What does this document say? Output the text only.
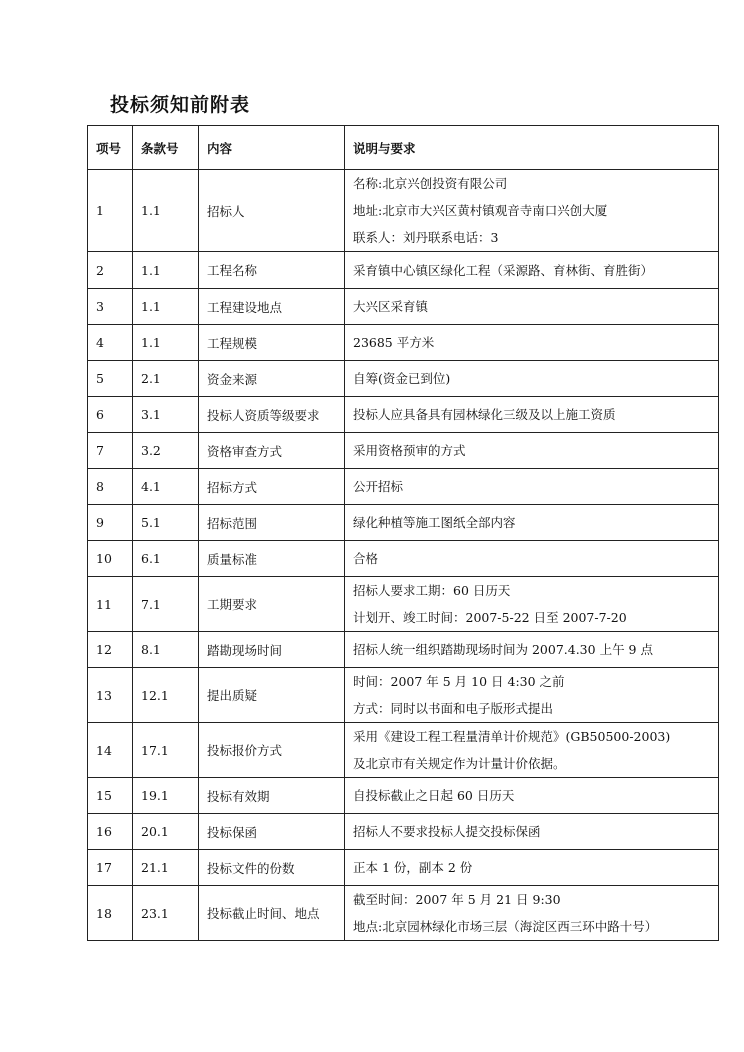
投标须知前附表
项号	条款号	内容	说明与要求
1	1.1	招标人	名称:北京兴创投资有限公司
地址:北京市大兴区黄村镇观音寺南口兴创大厦
联系人：刘丹联系电话：3

2	1.1	工程名称	采育镇中心镇区绿化工程（采源路、育林街、育胜街）

3	1.1	工程建设地点	大兴区采育镇

4	1.1	工程规模	23685 平方米

5	2.1	资金来源	自筹(资金已到位)

6	3.1	投标人资质等级要求	投标人应具备具有园林绿化三级及以上施工资质

7	3.2	资格审查方式	采用资格预审的方式

8	4.1	招标方式	公开招标

9	5.1	招标范围	绿化种植等施工图纸全部内容

10	6.1	质量标准	合格

11	7.1	工期要求	招标人要求工期：60 日历天
计划开、竣工时间：2007-5-22 日至 2007-7-20

12	8.1	踏勘现场时间	招标人统一组织踏勘现场时间为 2007.4.30 上午 9 点

13	12.1	提出质疑	时间：2007 年 5 月 10 日 4:30 之前
方式：同时以书面和电子版形式提出

14	17.1	投标报价方式	采用《建设工程工程量清单计价规范》(GB50500-2003)
及北京市有关规定作为计量计价依据。

15	19.1	投标有效期	自投标截止之日起 60 日历天

16	20.1	投标保函	招标人不要求投标人提交投标保函

17	21.1	投标文件的份数	正本 1 份，副本 2 份

18	23.1	投标截止时间、地点	截至时间：2007 年 5 月 21 日 9:30
地点:北京园林绿化市场三层（海淀区西三环中路十号）
